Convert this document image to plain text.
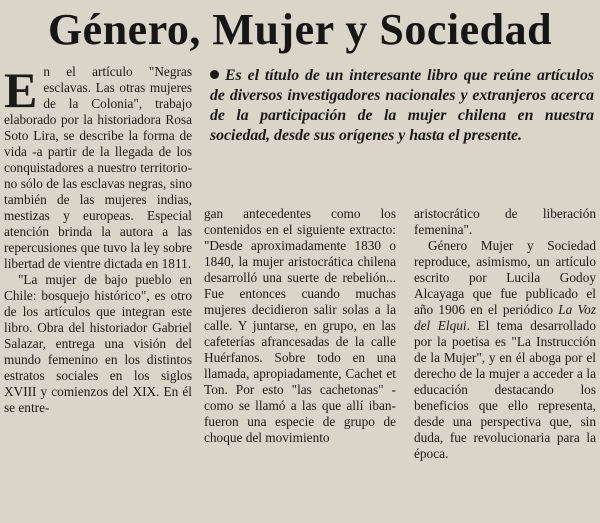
Género, Mujer y Sociedad

En el artículo "Negras esclavas. Las otras mujeres de la Colonia", trabajo elaborado por la historiadora Rosa Soto Lira, se describe la forma de vida -a partir de la llegada de los conquistadores a nuestro territorio- no sólo de las esclavas negras, sino también de las mujeres indias, mestizas y europeas. Especial atención brinda la autora a las repercusiones que tuvo la ley sobre libertad de vientre dictada en 1811.

"La mujer de bajo pueblo en Chile: bosquejo histórico", es otro de los artículos que integran este libro. Obra del historiador Gabriel Salazar, entrega una visión del mundo femenino en los distintos estratos sociales en los siglos XVIII y comienzos del XIX. En él se entre-

Es el título de un interesante libro que reúne artículos de diversos investigadores nacionales y extranjeros acerca de la participación de la mujer chilena en nuestra sociedad, desde sus orígenes y hasta el presente.

gan antecedentes como los contenidos en el siguiente extracto: "Desde aproximadamente 1830 o 1840, la mujer aristocrática chilena desarrolló una suerte de rebelión... Fue entonces cuando muchas mujeres decidieron salir solas a la calle. Y juntarse, en grupo, en las cafeterías afrancesadas de la calle Huérfanos. Sobre todo en una llamada, apropiadamente, Cachet et Ton. Por esto "las cachetonas" -como se llamó a las que allí iban- fueron una especie de grupo de choque del movimiento

aristocrático de liberación femenina".

Género Mujer y Sociedad reproduce, asimismo, un artículo escrito por Lucila Godoy Alcayaga que fue publicado el año 1906 en el periódico La Voz del Elqui. El tema desarrollado por la poetisa es "La Instrucción de la Mujer", y en él aboga por el derecho de la mujer a acceder a la educación destacando los beneficios que ello representa, desde una perspectiva que, sin duda, fue revolucionaria para la época.
